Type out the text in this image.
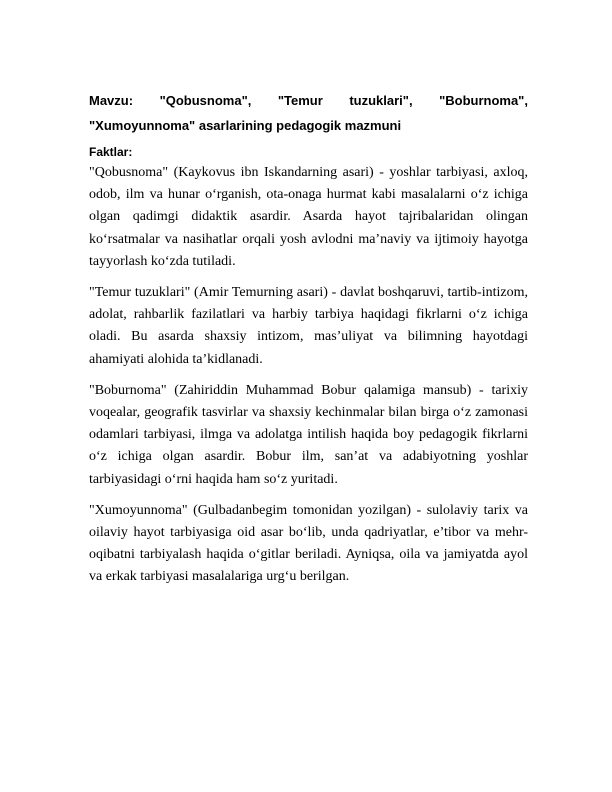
Mavzu: "Qobusnoma", "Temur tuzuklari", "Boburnoma",
"Xumoyunnoma" asarlarining pedagogik mazmuni

Faktlar:

"Qobusnoma" (Kaykovus ibn Iskandarning asari) - yoshlar tarbiyasi, axloq, odob, ilm va hunar o‘rganish, ota-onaga hurmat kabi masalalarni o‘z ichiga olgan qadimgi didaktik asardir. Asarda hayot tajribalaridan olingan ko‘rsatmalar va nasihatlar orqali yosh avlodni ma’naviy va ijtimoiy hayotga tayyorlash ko‘zda tutiladi.

"Temur tuzuklari" (Amir Temurning asari) - davlat boshqaruvi, tartib-intizom, adolat, rahbarlik fazilatlari va harbiy tarbiya haqidagi fikrlarni o‘z ichiga oladi. Bu asarda shaxsiy intizom, mas’uliyat va bilimning hayotdagi ahamiyati alohida ta’kidlanadi.

"Boburnoma" (Zahiriddin Muhammad Bobur qalamiga mansub) - tarixiy voqealar, geografik tasvirlar va shaxsiy kechinmalar bilan birga o‘z zamonasi odamlari tarbiyasi, ilmga va adolatga intilish haqida boy pedagogik fikrlarni o‘z ichiga olgan asardir. Bobur ilm, san’at va adabiyotning yoshlar tarbiyasidagi o‘rni haqida ham so‘z yuritadi.

"Xumoyunnoma" (Gulbadanbegim tomonidan yozilgan) - sulolaviy tarix va oilaviy hayot tarbiyasiga oid asar bo‘lib, unda qadriyatlar, e’tibor va mehr-oqibatni tarbiyalash haqida o‘gitlar beriladi. Ayniqsa, oila va jamiyatda ayol va erkak tarbiyasi masalalariga urg‘u berilgan.
